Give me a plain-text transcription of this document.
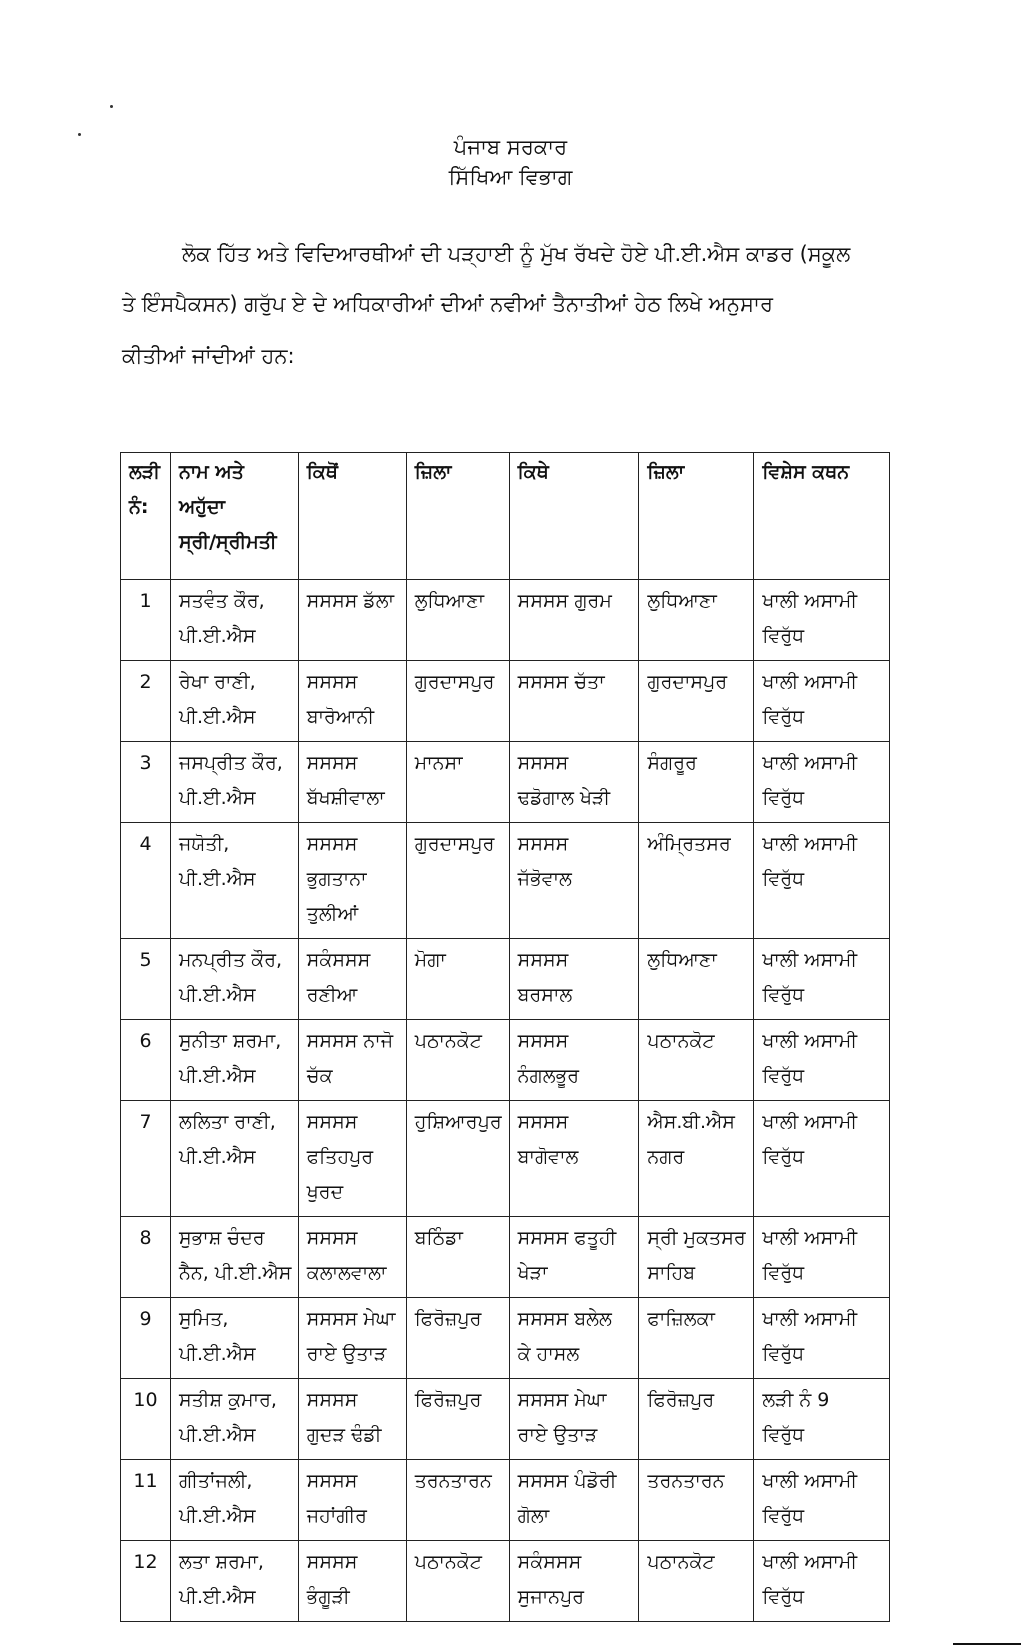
ਪੰਜਾਬ ਸਰਕਾਰ
ਸਿੱਖਿਆ ਵਿਭਾਗ
ਲੋਕ ਹਿੱਤ ਅਤੇ ਵਿਦਿਆਰਥੀਆਂ ਦੀ ਪੜ੍ਹਾਈ ਨੂੰ ਮੁੱਖ ਰੱਖਦੇ ਹੋਏ ਪੀ.ਈ.ਐਸ ਕਾਡਰ (ਸਕੂਲ
ਤੇ ਇੰਸਪੈਕਸਨ) ਗਰੁੱਪ ਏ ਦੇ ਅਧਿਕਾਰੀਆਂ ਦੀਆਂ ਨਵੀਆਂ ਤੈਨਾਤੀਆਂ ਹੇਠ ਲਿਖੇ ਅਨੁਸਾਰ
ਕੀਤੀਆਂ ਜਾਂਦੀਆਂ ਹਨ:
ਲੜੀ
ਨੰ:	ਨਾਮ ਅਤੇ
ਅਹੁੱਦਾ
ਸ੍ਰੀ/ਸ੍ਰੀਮਤੀ	ਕਿਥੋਂ	ਜ਼ਿਲਾ	ਕਿਥੇ	ਜ਼ਿਲਾ	ਵਿਸ਼ੇਸ ਕਥਨ

1	ਸਤਵੰਤ ਕੌਰ,
ਪੀ.ਈ.ਐਸ	ਸਸਸਸ ਡੱਲਾ	ਲੁਧਿਆਣਾ	ਸਸਸਸ ਗੁਰਮ	ਲੁਧਿਆਣਾ	ਖਾਲੀ ਅਸਾਮੀ
ਵਿਰੁੱਧ

2	ਰੇਖਾ ਰਾਣੀ,
ਪੀ.ਈ.ਐਸ	ਸਸਸਸ
ਬਾਰੋਆਨੀ	ਗੁਰਦਾਸਪੁਰ	ਸਸਸਸ ਚੱਤਾ	ਗੁਰਦਾਸਪੁਰ	ਖਾਲੀ ਅਸਾਮੀ
ਵਿਰੁੱਧ

3	ਜਸਪ੍ਰੀਤ ਕੌਰ,
ਪੀ.ਈ.ਐਸ	ਸਸਸਸ
ਬੱਖਸ਼ੀਵਾਲਾ	ਮਾਨਸਾ	ਸਸਸਸ
ਢਡੋਗਾਲ ਖੇੜੀ	ਸੰਗਰੂਰ	ਖਾਲੀ ਅਸਾਮੀ
ਵਿਰੁੱਧ

4	ਜਯੋਤੀ,
ਪੀ.ਈ.ਐਸ	ਸਸਸਸ
ਭੁਗਤਾਨਾ
ਤੁਲੀਆਂ	ਗੁਰਦਾਸਪੁਰ	ਸਸਸਸ
ਜੱਭੋਵਾਲ	ਅੰਮ੍ਰਿਤਸਰ	ਖਾਲੀ ਅਸਾਮੀ
ਵਿਰੁੱਧ

5	ਮਨਪ੍ਰੀਤ ਕੌਰ,
ਪੀ.ਈ.ਐਸ	ਸਕੰਸਸਸ
ਰਣੀਆ	ਮੋਗਾ	ਸਸਸਸ
ਬਰਸਾਲ	ਲੁਧਿਆਣਾ	ਖਾਲੀ ਅਸਾਮੀ
ਵਿਰੁੱਧ

6	ਸੁਨੀਤਾ ਸ਼ਰਮਾ,
ਪੀ.ਈ.ਐਸ	ਸਸਸਸ ਨਾਜੋ
ਚੱਕ	ਪਠਾਨਕੋਟ	ਸਸਸਸ
ਨੰਗਲਭੂਰ	ਪਠਾਨਕੋਟ	ਖਾਲੀ ਅਸਾਮੀ
ਵਿਰੁੱਧ

7	ਲਲਿਤਾ ਰਾਣੀ,
ਪੀ.ਈ.ਐਸ	ਸਸਸਸ
ਫਤਿਹਪੁਰ
ਖੁਰਦ	ਹੁਸ਼ਿਆਰਪੁਰ	ਸਸਸਸ
ਬਾਗੋਵਾਲ	ਐਸ.ਬੀ.ਐਸ
ਨਗਰ	ਖਾਲੀ ਅਸਾਮੀ
ਵਿਰੁੱਧ

8	ਸੁਭਾਸ਼ ਚੰਦਰ
ਨੈਨ, ਪੀ.ਈ.ਐਸ	ਸਸਸਸ
ਕਲਾਲਵਾਲਾ	ਬਠਿੰਡਾ	ਸਸਸਸ ਫਤੂਹੀ
ਖੇੜਾ	ਸ੍ਰੀ ਮੁਕਤਸਰ
ਸਾਹਿਬ	ਖਾਲੀ ਅਸਾਮੀ
ਵਿਰੁੱਧ

9	ਸੁਮਿਤ,
ਪੀ.ਈ.ਐਸ	ਸਸਸਸ ਮੇਘਾ
ਰਾਏ ਉਤਾੜ	ਫਿਰੋਜ਼ਪੁਰ	ਸਸਸਸ ਬਲੇਲ
ਕੇ ਹਾਸਲ	ਫਾਜ਼ਿਲਕਾ	ਖਾਲੀ ਅਸਾਮੀ
ਵਿਰੁੱਧ

10	ਸਤੀਸ਼ ਕੁਮਾਰ,
ਪੀ.ਈ.ਐਸ	ਸਸਸਸ
ਗੁਦੜ ਢੰਡੀ	ਫਿਰੋਜ਼ਪੁਰ	ਸਸਸਸ ਮੇਘਾ
ਰਾਏ ਉਤਾੜ	ਫਿਰੋਜ਼ਪੁਰ	ਲੜੀ ਨੰ 9
ਵਿਰੁੱਧ

11	ਗੀਤਾਂਜਲੀ,
ਪੀ.ਈ.ਐਸ	ਸਸਸਸ
ਜਹਾਂਗੀਰ	ਤਰਨਤਾਰਨ	ਸਸਸਸ ਪੰਡੋਰੀ
ਗੋਲਾ	ਤਰਨਤਾਰਨ	ਖਾਲੀ ਅਸਾਮੀ
ਵਿਰੁੱਧ

12	ਲਤਾ ਸ਼ਰਮਾ,
ਪੀ.ਈ.ਐਸ	ਸਸਸਸ
ਭੰਗੂੜੀ	ਪਠਾਨਕੋਟ	ਸਕੰਸਸਸ
ਸੁਜਾਨਪੁਰ	ਪਠਾਨਕੋਟ	ਖਾਲੀ ਅਸਾਮੀ
ਵਿਰੁੱਧ
